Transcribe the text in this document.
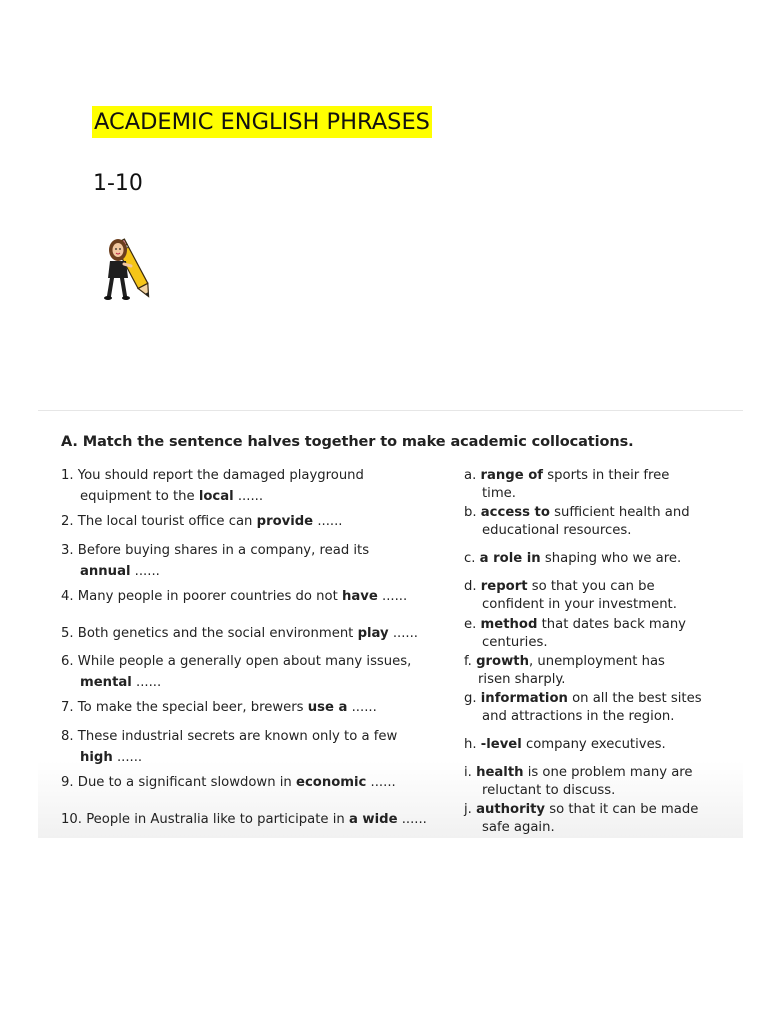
ACADEMIC ENGLISH PHRASES
1-10
A. Match the sentence halves together to make academic collocations.
1. You should report the damaged playground
equipment to the local ......
2. The local tourist office can provide ......
3. Before buying shares in a company, read its
annual ......
4. Many people in poorer countries do not have ......
5. Both genetics and the social environment play ......
6. While people a generally open about many issues,
mental ......
7. To make the special beer, brewers use a ......
8. These industrial secrets are known only to a few
high ......
9. Due to a significant slowdown in economic ......
10. People in Australia like to participate in a wide ......
a. range of sports in their free
time.
b. access to sufficient health and
educational resources.
c. a role in shaping who we are.
d. report so that you can be
confident in your investment.
e. method that dates back many
centuries.
f. growth, unemployment has
risen sharply.
g. information on all the best sites
and attractions in the region.
h. -level company executives.
i. health is one problem many are
reluctant to discuss.
j. authority so that it can be made
safe again.
